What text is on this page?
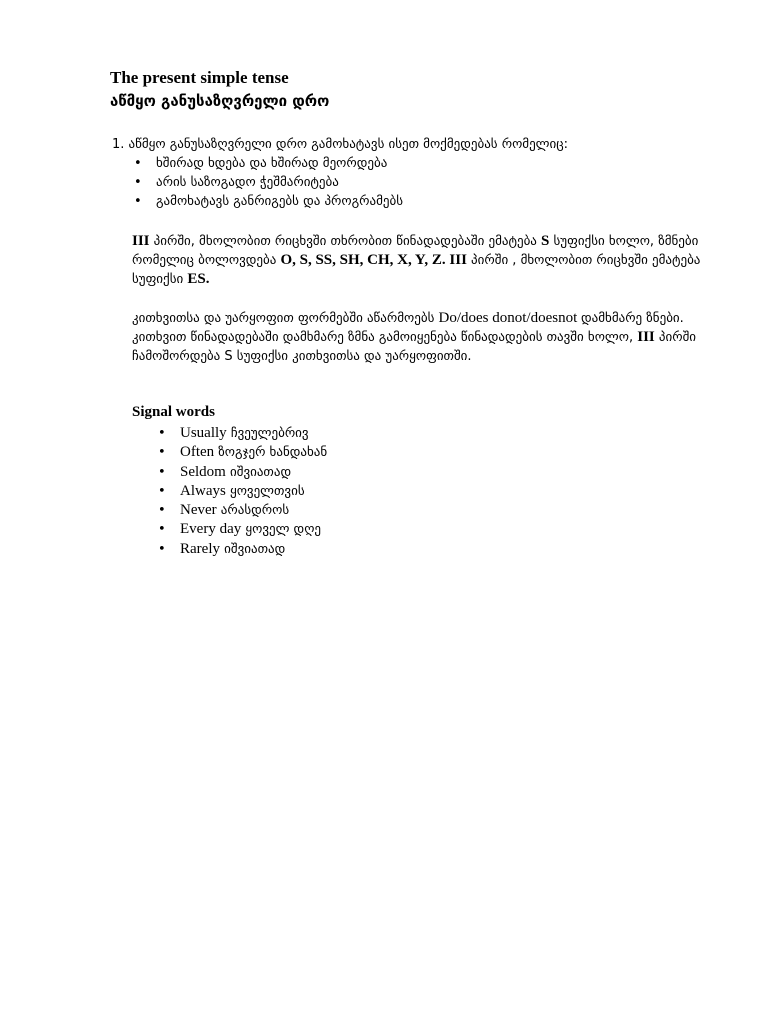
The present simple tense
აწმყო განუსაზღვრელი დრო
1. აწმყო განუსაზღვრელი დრო გამოხატავს ისეთ მოქმედებას რომელიც:
• ხშირად ხდება და ხშირად მეორდება
• არის საზოგადო ჭეშმარიტება
• გამოხატავს განრიგებს და პროგრამებს
III პირში, მხოლობით რიცხვში თხრობით წინადადებაში ემატება S სუფიქსი ხოლო, ზმნები რომელიც ბოლოვდება O, S, SS, SH, CH, X, Y, Z. III პირში , მხოლობით რიცხვში ემატება სუფიქსი ES.
კითხვითსა და უარყოფით ფორმებში აწარმოებს Do/does donot/doesnot დამხმარე ზნები. კითხვით წინადადებაში დამხმარე ზმნა გამოიყენება წინადადების თავში ხოლო, III პირში ჩამოშორდება S სუფიქსი კითხვითსა და უარყოფითში.
Signal words
• Usually ჩვეულებრივ
• Often ზოგჯერ ხანდახან
• Seldom იშვიათად
• Always ყოველთვის
• Never არასდროს
• Every day ყოველ დღე
• Rarely იშვიათად
